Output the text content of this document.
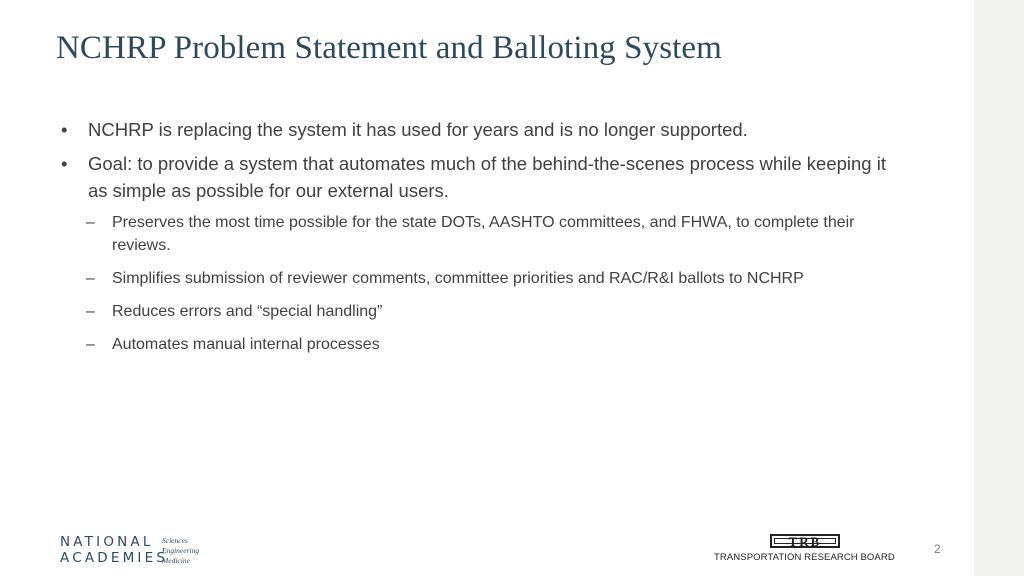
NCHRP Problem Statement and Balloting System
• NCHRP is replacing the system it has used for years and is no longer supported.
• Goal: to provide a system that automates much of the behind-the-scenes process while keeping it as simple as possible for our external users.
– Preserves the most time possible for the state DOTs, AASHTO committees, and FHWA, to complete their reviews.
– Simplifies submission of reviewer comments, committee priorities and RAC/R&I ballots to NCHRP
– Reduces errors and “special handling”
– Automates manual internal processes
NATIONAL
ACADEMIES
Sciences
Engineering
Medicine
TRB
TRANSPORTATION RESEARCH BOARD
2
